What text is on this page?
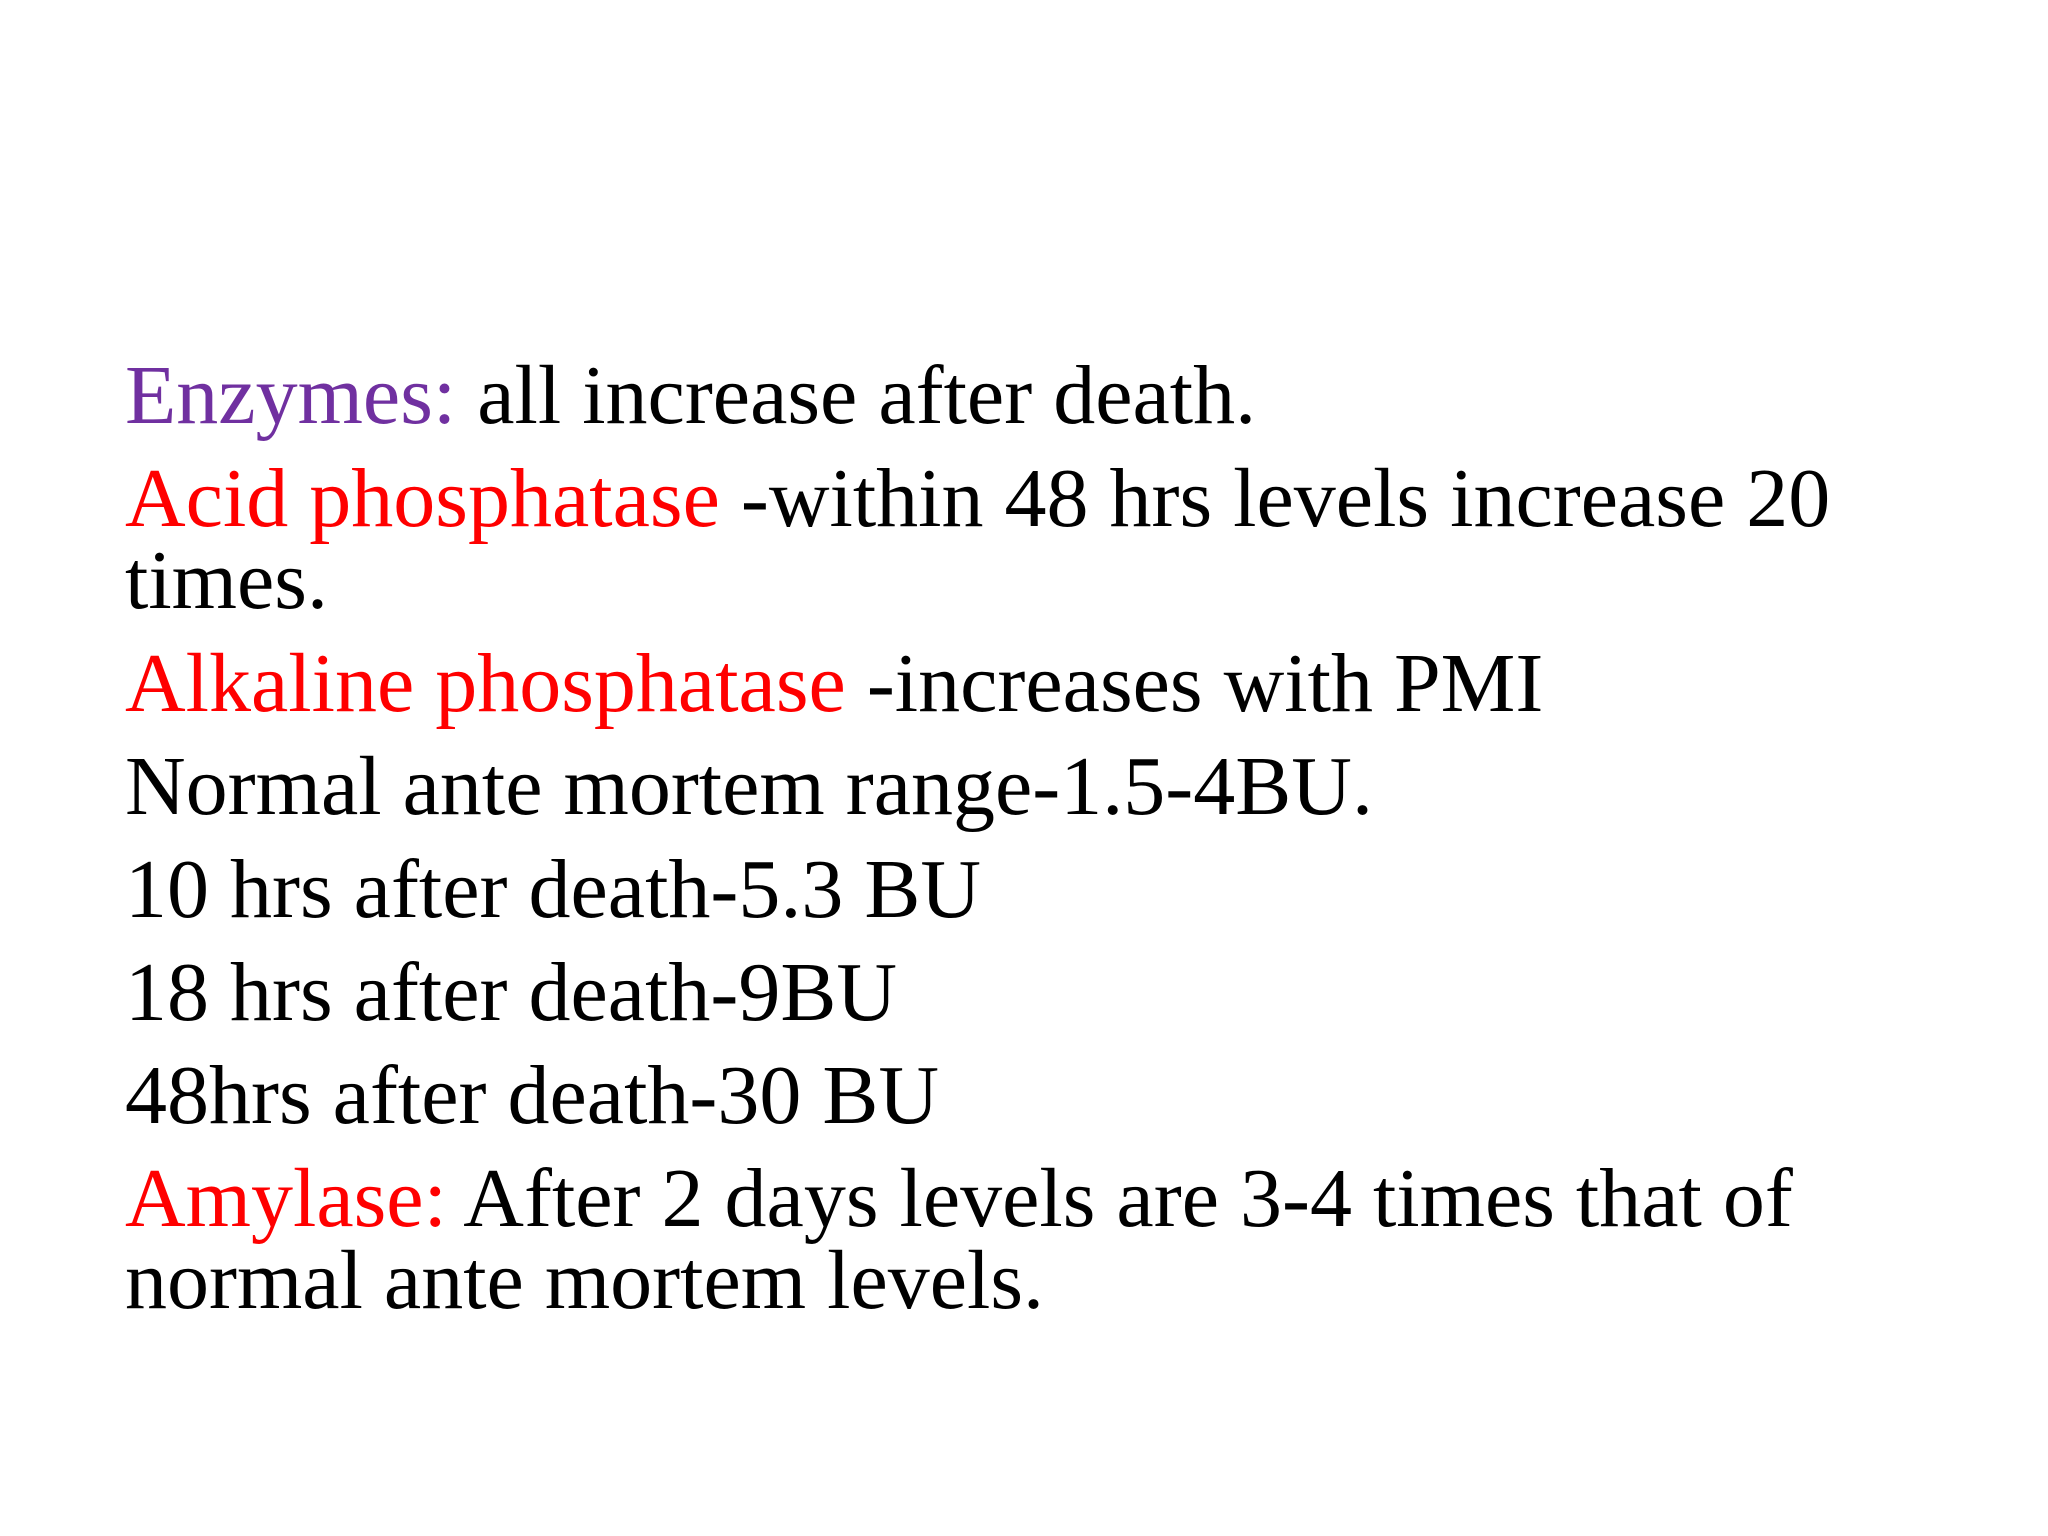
Enzymes: all increase after death.

Acid phosphatase -within 48 hrs levels increase 20 times.

Alkaline phosphatase -increases with PMI

Normal ante mortem range-1.5-4BU.

10 hrs after death-5.3 BU

18 hrs after death-9BU

48hrs after death-30 BU

Amylase: After 2 days levels are 3-4 times that of normal ante mortem levels.
